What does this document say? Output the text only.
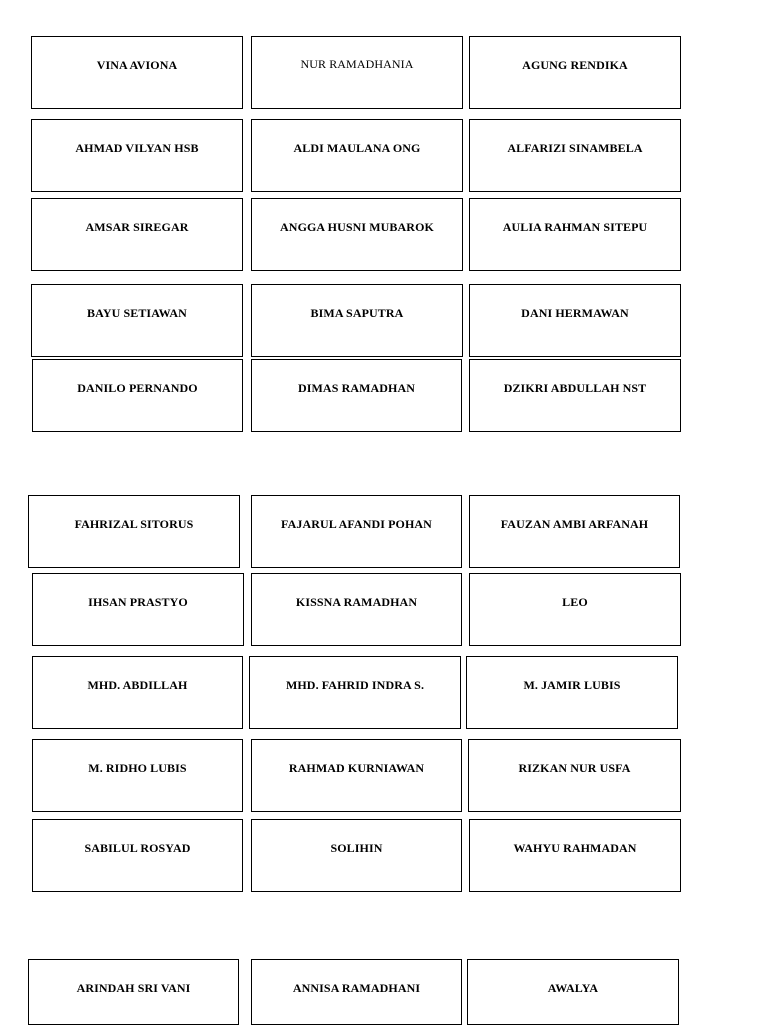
VINA AVIONA	NUR RAMADHANIA	AGUNG RENDIKA
AHMAD VILYAN HSB	ALDI MAULANA ONG	ALFARIZI SINAMBELA
AMSAR SIREGAR	ANGGA HUSNI MUBAROK	AULIA RAHMAN SITEPU
BAYU SETIAWAN	BIMA SAPUTRA	DANI HERMAWAN
DANILO PERNANDO	DIMAS RAMADHAN	DZIKRI ABDULLAH NST
FAHRIZAL SITORUS	FAJARUL AFANDI POHAN	FAUZAN AMBI ARFANAH
IHSAN PRASTYO	KISSNA RAMADHAN	LEO
MHD. ABDILLAH	MHD. FAHRID INDRA S.	M. JAMIR LUBIS
M. RIDHO LUBIS	RAHMAD KURNIAWAN	RIZKAN NUR USFA
SABILUL ROSYAD	SOLIHIN	WAHYU RAHMADAN
ARINDAH SRI VANI	ANNISA RAMADHANI	AWALYA
